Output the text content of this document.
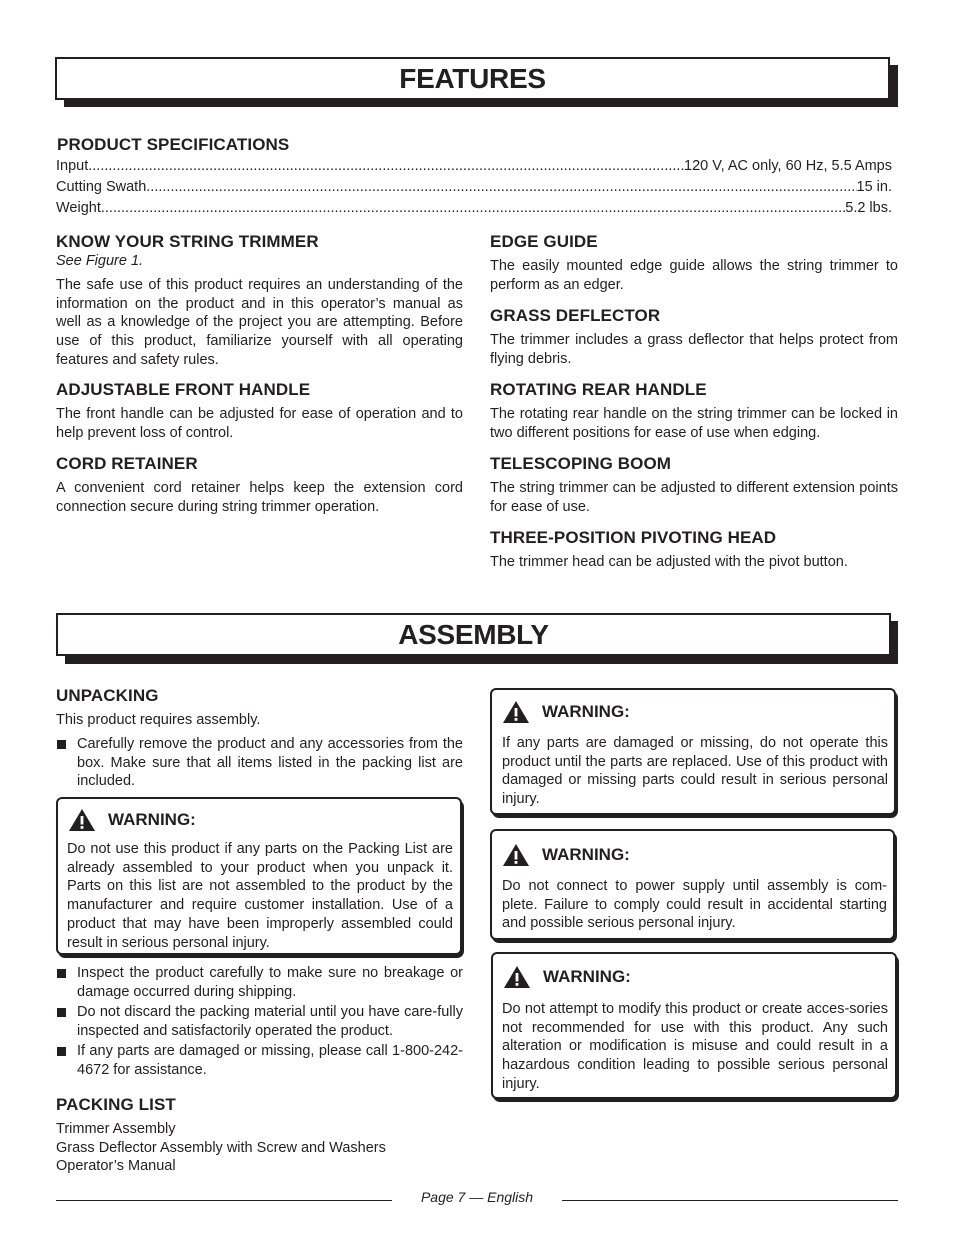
FEATURES
PRODUCT SPECIFICATIONS
Input .....	120 V, AC only, 60 Hz, 5.5 Amps
Cutting Swath .....	15 in.
Weight .....	5.2 lbs.
KNOW YOUR STRING TRIMMER

See Figure 1.

The safe use of this product requires an understanding of the information on the product and in this operator’s manual as well as a knowledge of the project you are attempting. Before use of this product, familiarize yourself with all operating features and safety rules.

ADJUSTABLE FRONT HANDLE

The front handle can be adjusted for ease of operation and to help prevent loss of control.

CORD RETAINER

A convenient cord retainer helps keep the extension cord connection secure during string trimmer operation.

EDGE GUIDE

The easily mounted edge guide allows the string trimmer to perform as an edger.

GRASS DEFLECTOR

The trimmer includes a grass deflector that helps protect from flying debris.

ROTATING REAR HANDLE

The rotating rear handle on the string trimmer can be locked in two different positions for ease of use when edging.

TELESCOPING BOOM

The string trimmer can be adjusted to different extension points for ease of use.

THREE-POSITION PIVOTING HEAD

The trimmer head can be adjusted with the pivot button.

ASSEMBLY
UNPACKING

This product requires assembly.

Carefully remove the product and any accessories from the box. Make sure that all items listed in the packing list are included.
WARNING:

Do not use this product if any parts on the Packing List are already assembled to your product when you unpack it. Parts on this list are not assembled to the product by the manufacturer and require customer installation. Use of a product that may have been improperly assembled could result in serious personal injury.

Inspect the product carefully to make sure no breakage or damage occurred during shipping.
Do not discard the packing material until you have care-fully inspected and satisfactorily operated the product.
If any parts are damaged or missing, please call 1-800-242-4672 for assistance.
PACKING LIST
Trimmer Assembly
Grass Deflector Assembly with Screw and Washers
Operator’s Manual
WARNING:

If any parts are damaged or missing, do not operate this product until the parts are replaced. Use of this product with damaged or missing parts could result in serious personal injury.

WARNING:

Do not connect to power supply until assembly is com-plete. Failure to comply could result in accidental starting and possible serious personal injury.

WARNING:

Do not attempt to modify this product or create acces-sories not recommended for use with this product. Any such alteration or modification is misuse and could result in a hazardous condition leading to possible serious personal injury.

Page 7 — English
